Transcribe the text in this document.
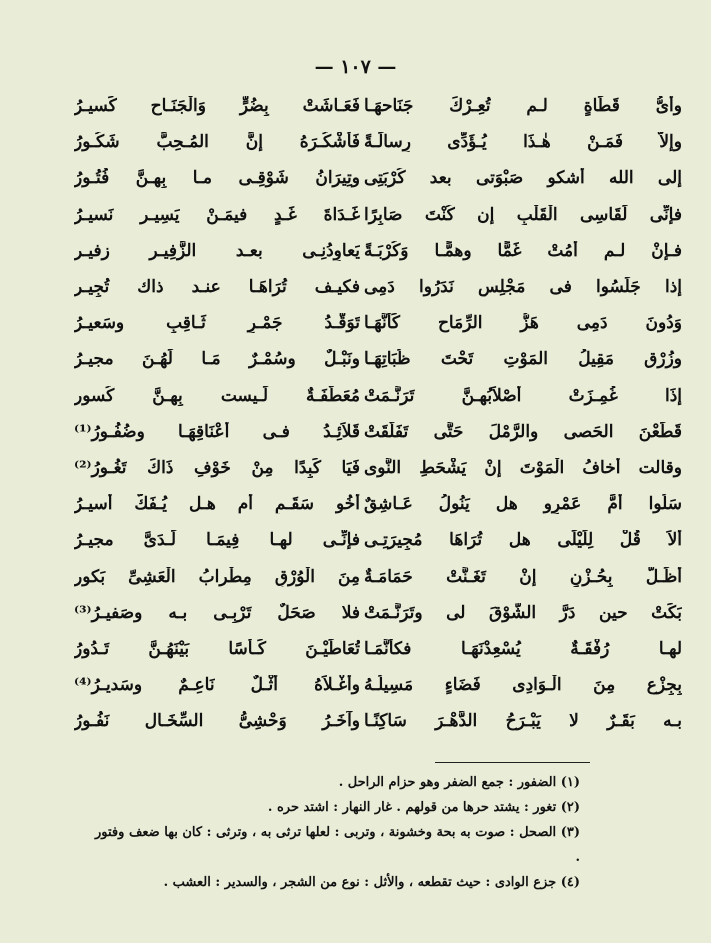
— ١٠٧ —
وأىُّ قَطَاةٍ لـم تُعِـرْكَ جَنَاحهَـا
فَعَـاشَتْ بِضُرٍّ وَالْجَنَـاحِ كَسيـرُ
وإلاَّ فَمَـنْ هٰـذَا يُـؤَدِّى رِسالَـةً
فَأَشْكُـرَهُ إنَّ المُـحِبَّ شَكُـورُ
إلى الله أشكو صَبْوَتى بعد كُرْبَتِى
وتِيرَانُ شَوْقِـى مـا بِهِـنَّ فُتُـورُ
فإنِّى لَقَاسِى الْقَلْبِ إن كُنْتَ صَابِرًا
غَـدَاةَ غَـدٍ فيمَـنْ يَسِيـر نَسيـرُ
فـإنْ لـم أَمُتْ غَمًّا وهمًّـا وَكُرْبَـةً
يَعاوِدُنِـى بعـد الزَّفِيـر زفيـر
إذا جَلَسُوا فى مَجْلِسٍ نَدَرُوا دَمِى
فكيـف تُرَاهَـا عنـد ذاك تُجِيـر
وَدُونَ دَمِى هَزُّ الرِّمَاحِ كَأَنَّهَـا
تَوَقُّـدُ جَمْـرٍ ثَـاقِبٍ وسَعيـرُ
وزُرْق مَقِيلُ المَوْتِ تَحْتَ ظُبَاتِهَـا
ونَبْـلٌ وسُمْـرٌ مَـا لَهُـنَ مجيـرُ
إذَا غُمِـزَتْ أصْلاَبُهِـنَّ تَرَنَّـمَتْ
مُعَطَّفَـةٌ لَـيست بِهِـنَّ كُسور
قَطَعْنَ الحَصى والرَّمْلَ حَتَّى تَفَلَّقَتْ
قَلاَئِـدُ فـى أعْنَاقِهَـا وضُفُـورُ⁽¹⁾
وقالت أخافُ الْمَوْتَ إنْ يَشْحَطِ النَّوى
فَيَا كَبِدًا مِنْ خَوْفِ ذَاكَ تَغُـورُ⁽²⁾
سَلُوا أُمَّ عَمْرٍو هل يَنُولُ عَـاشِقٌ
أخُو سَقَـمٍ أم هـل يُـفَكُّ أسيـرُ
ألاَ قُلْ لِلَيْلَى هل تُرَاهَا مُجِيرَتِـى
فإنِّـى لهـا فِيمَـا لَـدَىَّ مجيـرُ
أظَـلُّ بِحُـزْنٍ إنْ تَغَـنَّتْ حَمَامَـةٌ
مِنَ الْوُرْقِ مِطْرابُ الْعَشِىِّ بَكور
بَكَتْ حين دَرَّ الشَّوْقَ لى وتَرَنَّـمَتْ
فلا صَحَلٌ تَرْبِـى بـه وصَفيـرُ⁽³⁾
لهـا رُفْقَـةٌ يُسْعِدْنَهَـا فكأنَّمَـا
تُعَاطَيْـنَ كَـأْسًا بَيْنَهُـنَّ تَـدُورُ
بِجِزْعٍ مِنَ الْـوَادِى فَضَاءٍ مَسِيلُـهُ
وأغْـلاَهُ أثْـلٌ نَاعِـمٌ وسَديـرُ⁽⁴⁾
بـه بَقَـرٌ لا يَبْـرَحُ الدَّهْـرَ سَاكِنًـا
وآخَـرُ وَحْشِىُّ السِّخَـال نَفُـورُ
(١) الضفور : جمع الضفر وهو حزام الراحل .
(٢) تغور : يشتد حرها من قولهم . غار النهار : اشتد حره .
(٣) الصحل : صوت به بحة وخشونة ، وتربى : لعلها ترثى به ، وترثى : كان بها ضعف وفتور .
(٤) جزع الوادى : حيث تقطعه ، والأثل : نوع من الشجر ، والسدير : العشب .
